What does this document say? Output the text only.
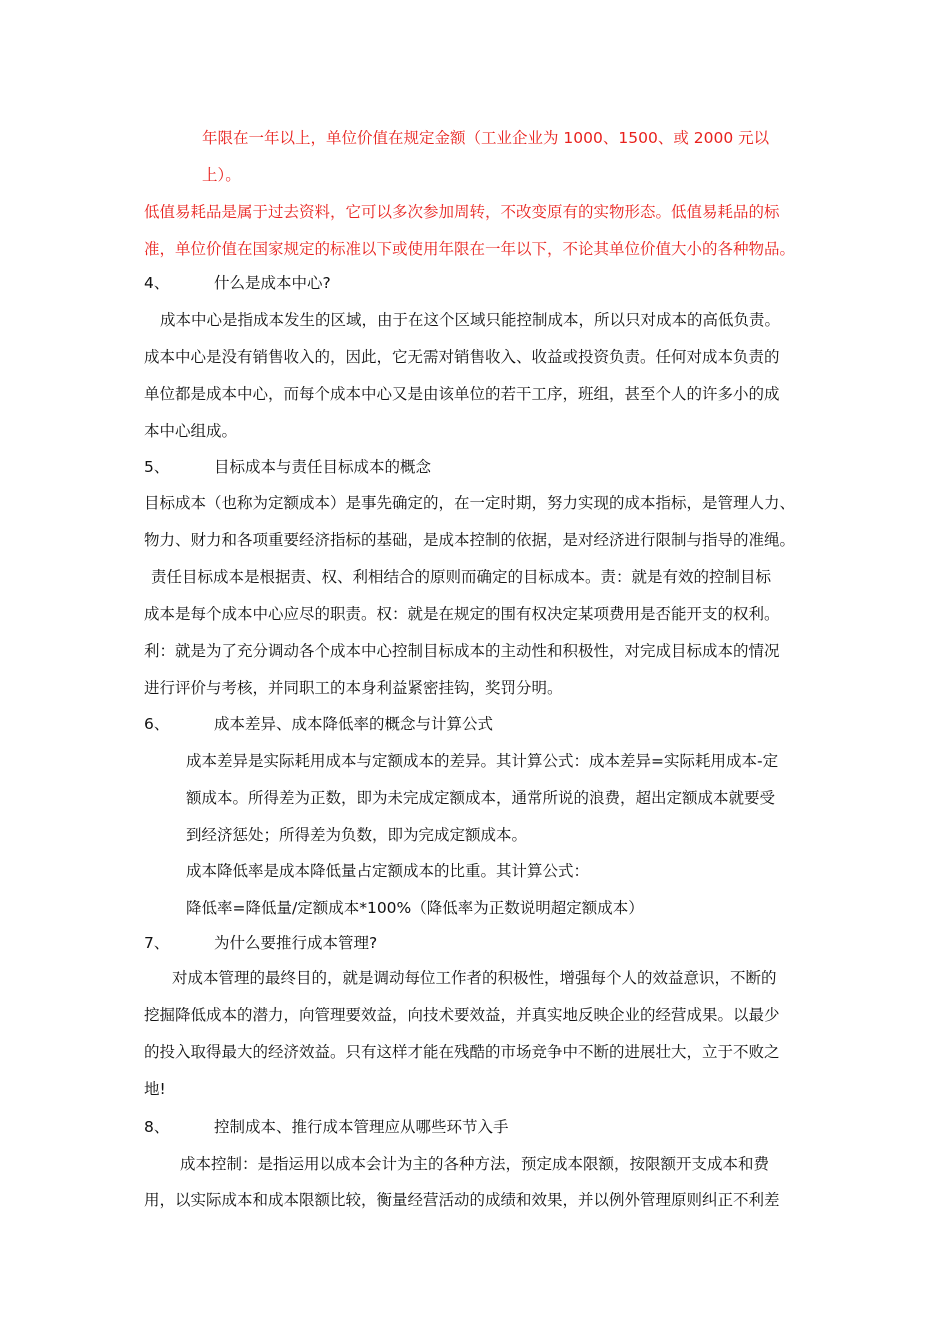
年限在一年以上，单位价值在规定金额（工业企业为 1000、1500、或 2000 元以
上）。
低值易耗品是属于过去资料，它可以多次参加周转，不改变原有的实物形态。低值易耗品的标
准，单位价值在国家规定的标准以下或使用年限在一年以下，不论其单位价值大小的各种物品。
4、	什么是成本中心?
成本中心是指成本发生的区域，由于在这个区域只能控制成本，所以只对成本的高低负责。
成本中心是没有销售收入的，因此，它无需对销售收入、收益或投资负责。任何对成本负责的
单位都是成本中心，而每个成本中心又是由该单位的若干工序，班组，甚至个人的许多小的成
本中心组成。
5、	目标成本与责任目标成本的概念
目标成本（也称为定额成本）是事先确定的，在一定时期，努力实现的成本指标，是管理人力、
物力、财力和各项重要经济指标的基础，是成本控制的依据，是对经济进行限制与指导的准绳。
责任目标成本是根据责、权、利相结合的原则而确定的目标成本。责：就是有效的控制目标
成本是每个成本中心应尽的职责。权：就是在规定的围有权决定某项费用是否能开支的权利。
利：就是为了充分调动各个成本中心控制目标成本的主动性和积极性，对完成目标成本的情况
进行评价与考核，并同职工的本身利益紧密挂钩，奖罚分明。
6、	成本差异、成本降低率的概念与计算公式
成本差异是实际耗用成本与定额成本的差异。其计算公式：成本差异=实际耗用成本-定
额成本。所得差为正数，即为未完成定额成本，通常所说的浪费，超出定额成本就要受
到经济惩处；所得差为负数，即为完成定额成本。
成本降低率是成本降低量占定额成本的比重。其计算公式：
降低率=降低量/定额成本*100%（降低率为正数说明超定额成本）
7、	为什么要推行成本管理?
对成本管理的最终目的，就是调动每位工作者的积极性，增强每个人的效益意识，不断的
挖掘降低成本的潜力，向管理要效益，向技术要效益，并真实地反映企业的经营成果。以最少
的投入取得最大的经济效益。只有这样才能在残酷的市场竞争中不断的进展壮大，立于不败之
地!
8、	控制成本、推行成本管理应从哪些环节入手
成本控制：是指运用以成本会计为主的各种方法，预定成本限额，按限额开支成本和费
用，以实际成本和成本限额比较，衡量经营活动的成绩和效果，并以例外管理原则纠正不利差
